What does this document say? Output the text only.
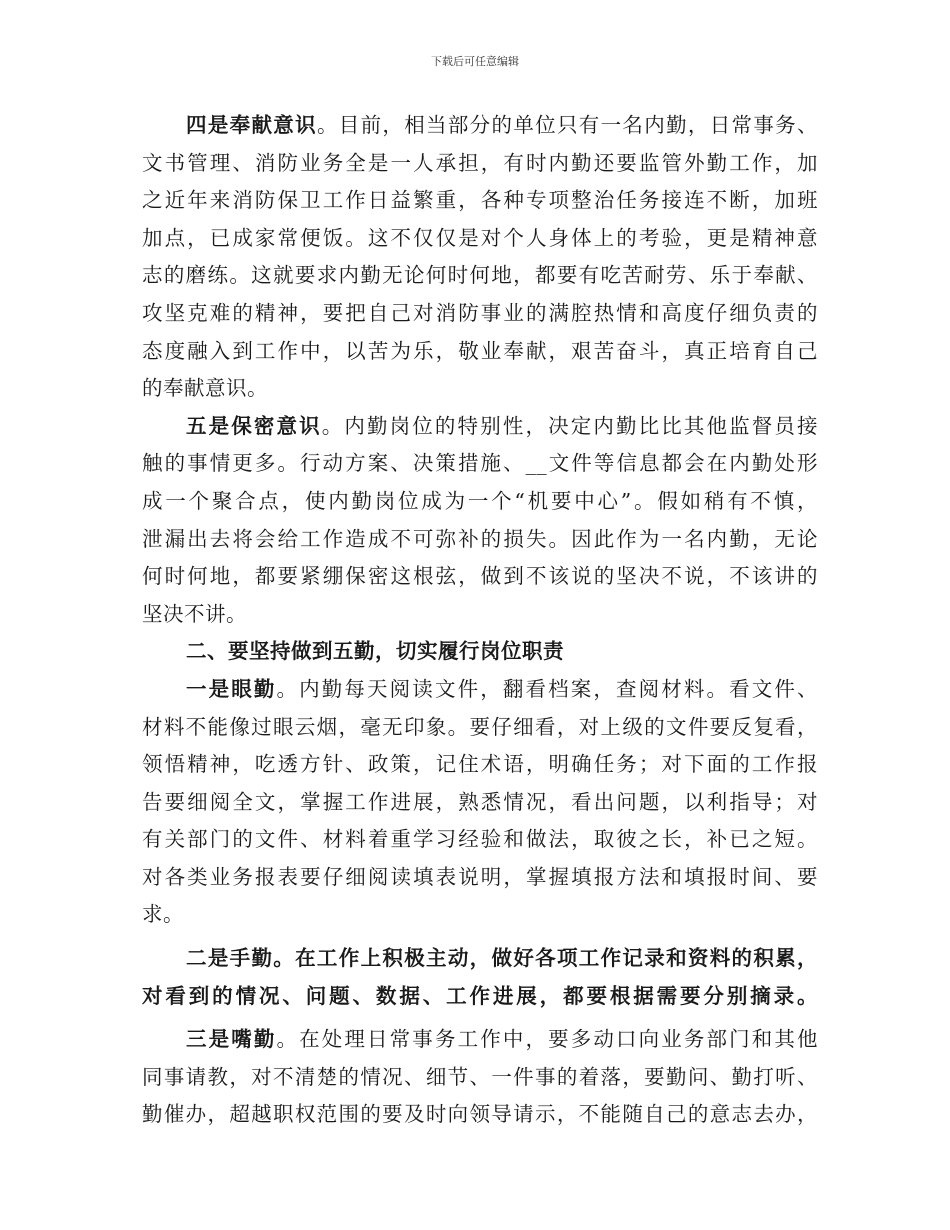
下载后可任意编辑
四是奉献意识。目前，相当部分的单位只有一名内勤，日常事务、
文书管理、消防业务全是一人承担，有时内勤还要监管外勤工作，加
之近年来消防保卫工作日益繁重，各种专项整治任务接连不断，加班
加点，已成家常便饭。这不仅仅是对个人身体上的考验，更是精神意
志的磨练。这就要求内勤无论何时何地，都要有吃苦耐劳、乐于奉献、
攻坚克难的精神，要把自己对消防事业的满腔热情和高度仔细负责的
态度融入到工作中，以苦为乐，敬业奉献，艰苦奋斗，真正培育自己
的奉献意识。
五是保密意识。内勤岗位的特别性，决定内勤比比其他监督员接
触的事情更多。行动方案、决策措施、__文件等信息都会在内勤处形
成一个聚合点，使内勤岗位成为一个“机要中心”。假如稍有不慎，
泄漏出去将会给工作造成不可弥补的损失。因此作为一名内勤，无论
何时何地，都要紧绷保密这根弦，做到不该说的坚决不说，不该讲的
坚决不讲。
二、要坚持做到五勤，切实履行岗位职责
一是眼勤。内勤每天阅读文件，翻看档案，查阅材料。看文件、
材料不能像过眼云烟，毫无印象。要仔细看，对上级的文件要反复看，
领悟精神，吃透方针、政策，记住术语，明确任务；对下面的工作报
告要细阅全文，掌握工作进展，熟悉情况，看出问题，以利指导；对
有关部门的文件、材料着重学习经验和做法，取彼之长，补已之短。
对各类业务报表要仔细阅读填表说明，掌握填报方法和填报时间、要
求。
二是手勤。在工作上积极主动，做好各项工作记录和资料的积累，
对看到的情况、问题、数据、工作进展，都要根据需要分别摘录。
三是嘴勤。在处理日常事务工作中，要多动口向业务部门和其他
同事请教，对不清楚的情况、细节、一件事的着落，要勤问、勤打听、
勤催办，超越职权范围的要及时向领导请示，不能随自己的意志去办，
